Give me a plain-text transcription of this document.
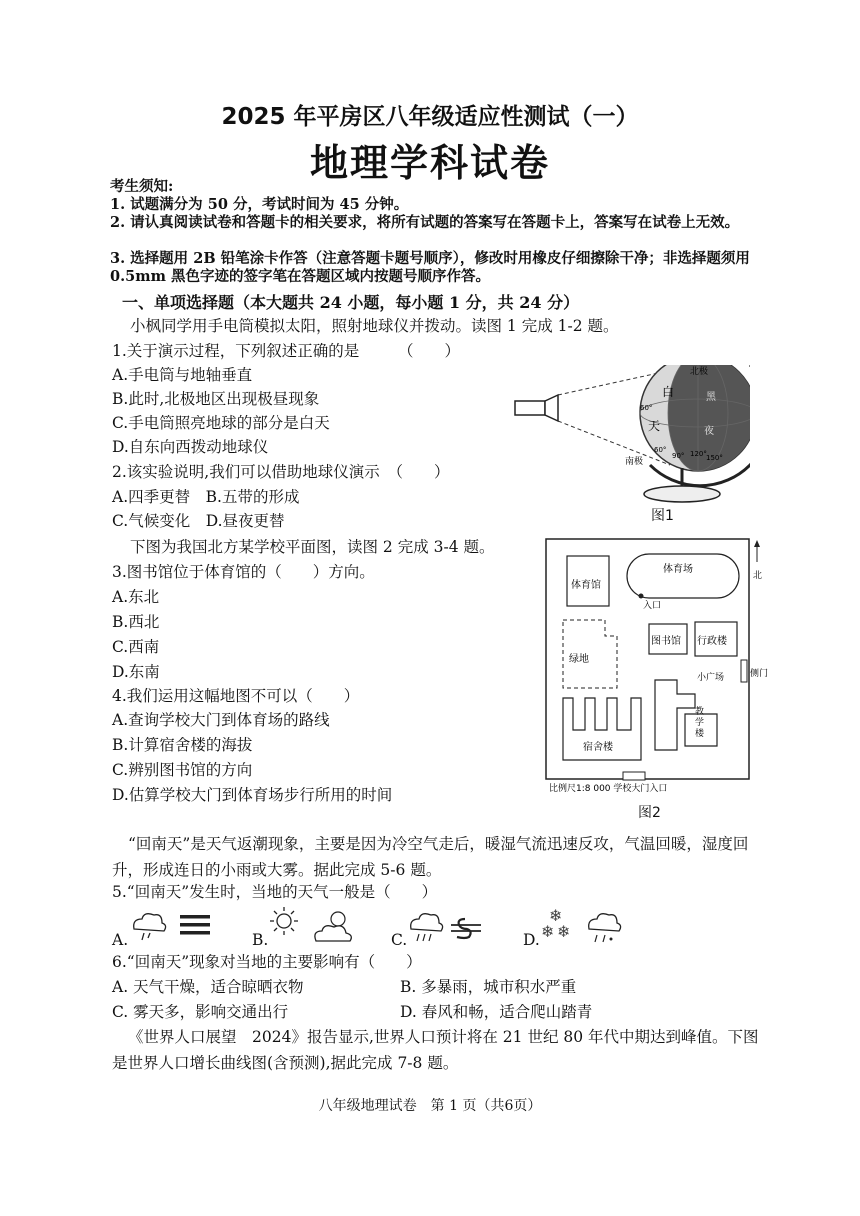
2025 年平房区八年级适应性测试（一）
地理学科试卷
考生须知:
1. 试题满分为 50 分，考试时间为 45 分钟。
2. 请认真阅读试卷和答题卡的相关要求，将所有试题的答案写在答题卡上，答案写在试卷上无效。
3. 选择题用 2B 铅笔涂卡作答（注意答题卡题号顺序），修改时用橡皮仔细擦除干净；非选择题须用 0.5mm 黑色字迹的签字笔在答题区域内按题号顺序作答。
一、单项选择题（本大题共 24 小题，每小题 1 分，共 24 分）
小枫同学用手电筒模拟太阳，照射地球仪并拨动。读图 1 完成 1-2 题。
1.关于演示过程，下列叙述正确的是　　　（　　）
A.手电筒与地轴垂直
B.此时,北极地区出现极昼现象
C.手电筒照亮地球的部分是白天
D.自东向西拨动地球仪
2.该实验说明,我们可以借助地球仪演示　（　　）
A.四季更替　B.五带的形成
C.气候变化　D.昼夜更替
北极
白
天
黑
夜
南极
60°
90° 120° 150°
60°
图1
下图为我国北方某学校平面图，读图 2 完成 3-4 题。
3.图书馆位于体育馆的（　　）方向。
A.东北
B.西北
C.西南
D.东南
4.我们运用这幅地图不可以（　　）
A.查询学校大门到体育场的路线
B.计算宿舍楼的海拔
C.辨别图书馆的方向
D.估算学校大门到体育场步行所用的时间
体育馆
体育场
入口
北
绿地
图书馆 行政楼
侧门
小广场
教
学
楼
宿舍楼
比例尺1:8 000 学校大门入口
图2
“回南天”是天气返潮现象，主要是因为冷空气走后，暖湿气流迅速反攻，气温回暖，湿度回升，形成连日的小雨或大雾。据此完成 5-6 题。
5.“回南天”发生时，当地的天气一般是（　　）
A.	B.	C.	D.
❄
❄ ❄
6.“回南天”现象对当地的主要影响有（　　）
A. 天气干燥，适合晾晒衣物	B. 多暴雨，城市积水严重
C. 雾天多，影响交通出行	D. 春风和畅，适合爬山踏青
《世界人口展望　2024》报告显示,世界人口预计将在 21 世纪 80 年代中期达到峰值。下图是世界人口增长曲线图(含预测),据此完成 7-8 题。
八年级地理试卷　第 1 页（共6页）
